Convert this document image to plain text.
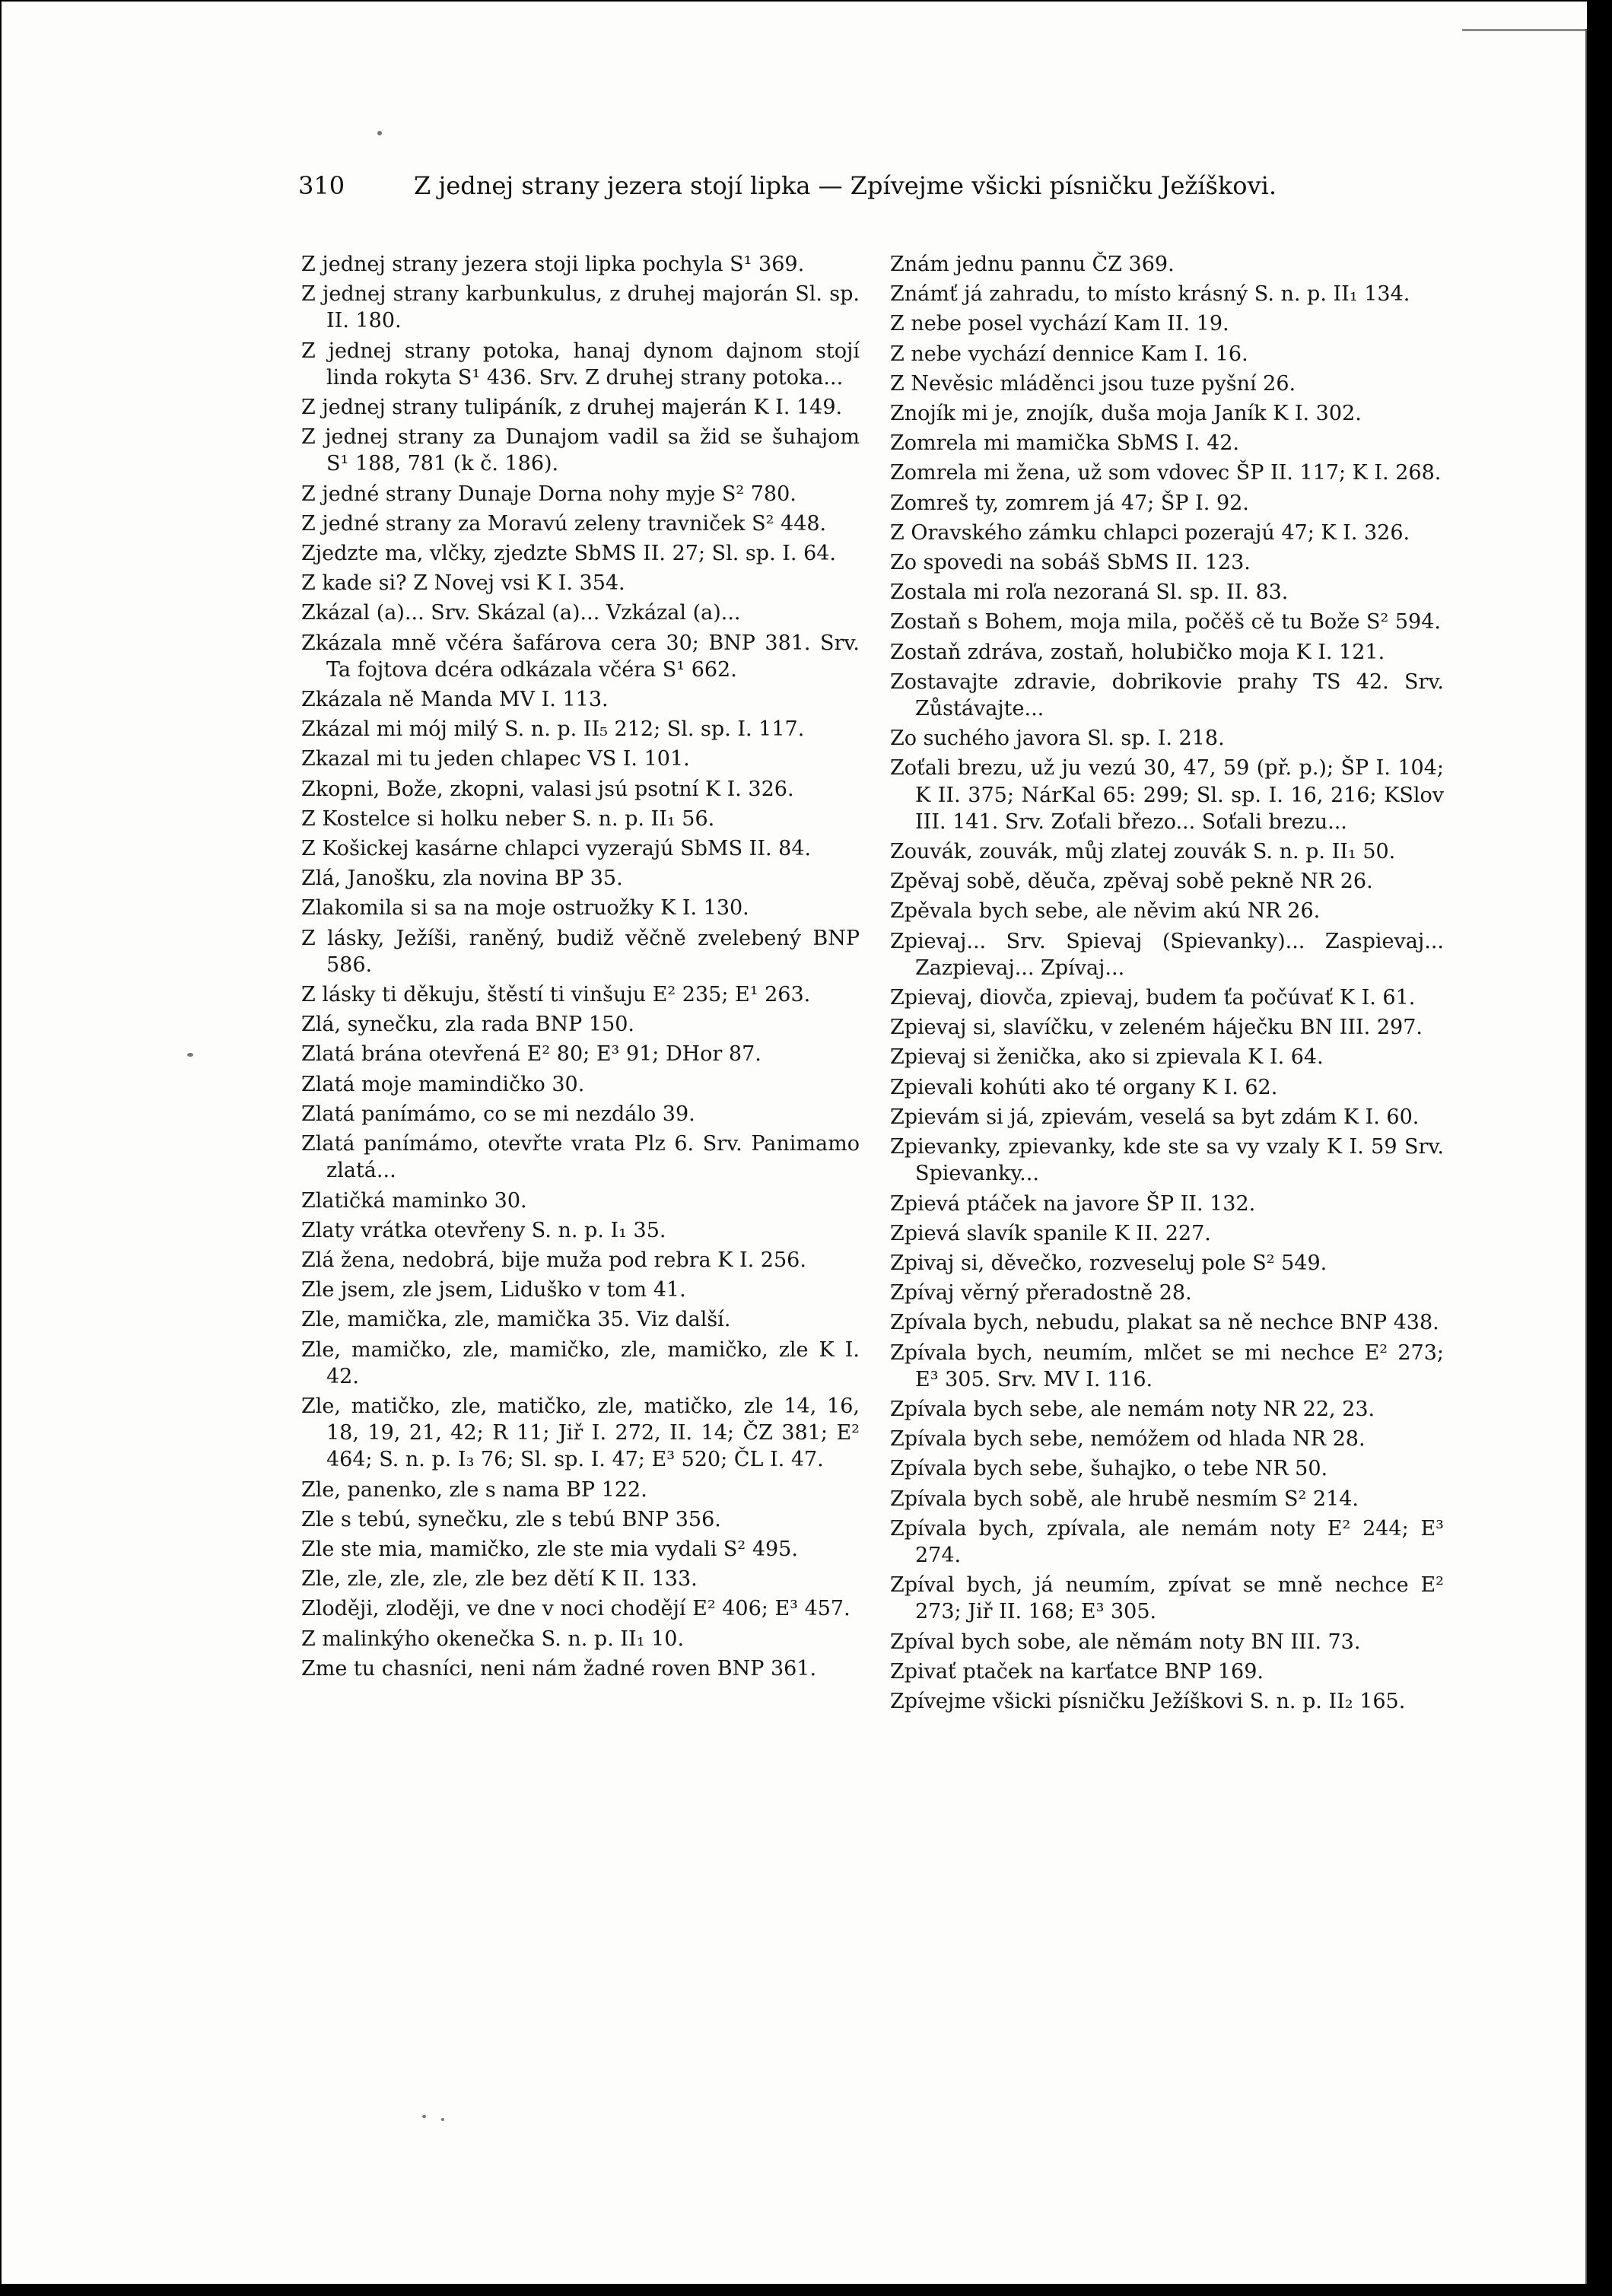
310	Z jednej strany jezera stojí lipka — Zpívejme všicki písničku Ježíškovi.
Z jednej strany jezera stoji lipka pochyla S¹ 369.
Z jednej strany karbunkulus, z druhej majorán Sl. sp. II. 180.
Z jednej strany potoka, hanaj dynom dajnom stojí linda rokyta S¹ 436. Srv. Z druhej strany potoka...
Z jednej strany tulipáník, z druhej majerán K I. 149.
Z jednej strany za Dunajom vadil sa žid se šuhajom S¹ 188, 781 (k č. 186).
Z jedné strany Dunaje Dorna nohy myje S² 780.
Z jedné strany za Moravú zeleny travniček S² 448.
Zjedzte ma, vlčky, zjedzte SbMS II. 27; Sl. sp. I. 64.
Z kade si? Z Novej vsi K I. 354.
Zkázal (a)... Srv. Skázal (a)... Vzkázal (a)...
Zkázala mně včéra šafárova cera 30; BNP 381. Srv. Ta fojtova dcéra odkázala včéra S¹ 662.
Zkázala ně Manda MV I. 113.
Zkázal mi mój milý S. n. p. II₅ 212; Sl. sp. I. 117.
Zkazal mi tu jeden chlapec VS I. 101.
Zkopni, Bože, zkopni, valasi jsú psotní K I. 326.
Z Kostelce si holku neber S. n. p. II₁ 56.
Z Košickej kasárne chlapci vyzerajú SbMS II. 84.
Zlá, Janošku, zla novina BP 35.
Zlakomila si sa na moje ostruožky K I. 130.
Z lásky, Ježíši, raněný, budiž věčně zvelebený BNP 586.
Z lásky ti děkuju, štěstí ti vinšuju E² 235; E¹ 263.
Zlá, synečku, zla rada BNP 150.
Zlatá brána otevřená E² 80; E³ 91; DHor 87.
Zlatá moje mamindičko 30.
Zlatá panímámo, co se mi nezdálo 39.
Zlatá panímámo, otevřte vrata Plz 6. Srv. Panimamo zlatá...
Zlatičká maminko 30.
Zlaty vrátka otevřeny S. n. p. I₁ 35.
Zlá žena, nedobrá, bije muža pod rebra K I. 256.
Zle jsem, zle jsem, Liduško v tom 41.
Zle, mamička, zle, mamička 35. Viz další.
Zle, mamičko, zle, mamičko, zle, mamičko, zle K I. 42.
Zle, matičko, zle, matičko, zle, matičko, zle 14, 16, 18, 19, 21, 42; R 11; Jiř I. 272, II. 14; ČZ 381; E² 464; S. n. p. I₃ 76; Sl. sp. I. 47; E³ 520; ČL I. 47.
Zle, panenko, zle s nama BP 122.
Zle s tebú, synečku, zle s tebú BNP 356.
Zle ste mia, mamičko, zle ste mia vydali S² 495.
Zle, zle, zle, zle, zle bez dětí K II. 133.
Zloději, zloději, ve dne v noci chodějí E² 406; E³ 457.
Z malinkýho okenečka S. n. p. II₁ 10.
Zme tu chasníci, neni nám žadné roven BNP 361.
Znám jednu pannu ČZ 369.
Známť já zahradu, to místo krásný S. n. p. II₁ 134.
Z nebe posel vychází Kam II. 19.
Z nebe vychází dennice Kam I. 16.
Z Nevěsic mláděnci jsou tuze pyšní 26.
Znojík mi je, znojík, duša moja Janík K I. 302.
Zomrela mi mamička SbMS I. 42.
Zomrela mi žena, už som vdovec ŠP II. 117; K I. 268.
Zomreš ty, zomrem já 47; ŠP I. 92.
Z Oravského zámku chlapci pozerajú 47; K I. 326.
Zo spovedi na sobáš SbMS II. 123.
Zostala mi roľa nezoraná Sl. sp. II. 83.
Zostaň s Bohem, moja mila, počěš cě tu Bože S² 594.
Zostaň zdráva, zostaň, holubičko moja K I. 121.
Zostavajte zdravie, dobrikovie prahy TS 42. Srv. Zůstávajte...
Zo suchého javora Sl. sp. I. 218.
Zoťali brezu, už ju vezú 30, 47, 59 (př. p.); ŠP I. 104; K II. 375; NárKal 65: 299; Sl. sp. I. 16, 216; KSlov III. 141. Srv. Zoťali březo... Soťali brezu...
Zouvák, zouvák, můj zlatej zouvák S. n. p. II₁ 50.
Zpěvaj sobě, děuča, zpěvaj sobě pekně NR 26.
Zpěvala bych sebe, ale něvim akú NR 26.
Zpievaj... Srv. Spievaj (Spievanky)... Zaspievaj... Zazpievaj... Zpívaj...
Zpievaj, diovča, zpievaj, budem ťa počúvať K I. 61.
Zpievaj si, slavíčku, v zeleném háječku BN III. 297.
Zpievaj si ženička, ako si zpievala K I. 64.
Zpievali kohúti ako té organy K I. 62.
Zpievám si já, zpievám, veselá sa byt zdám K I. 60.
Zpievanky, zpievanky, kde ste sa vy vzaly K I. 59 Srv. Spievanky...
Zpievá ptáček na javore ŠP II. 132.
Zpievá slavík spanile K II. 227.
Zpivaj si, děvečko, rozveseluj pole S² 549.
Zpívaj věrný přeradostně 28.
Zpívala bych, nebudu, plakat sa ně nechce BNP 438.
Zpívala bych, neumím, mlčet se mi nechce E² 273; E³ 305. Srv. MV I. 116.
Zpívala bych sebe, ale nemám noty NR 22, 23.
Zpívala bych sebe, nemóžem od hlada NR 28.
Zpívala bych sebe, šuhajko, o tebe NR 50.
Zpívala bych sobě, ale hrubě nesmím S² 214.
Zpívala bych, zpívala, ale nemám noty E² 244; E³ 274.
Zpíval bych, já neumím, zpívat se mně nechce E² 273; Jiř II. 168; E³ 305.
Zpíval bych sobe, ale němám noty BN III. 73.
Zpivať ptaček na karťatce BNP 169.
Zpívejme všicki písničku Ježíškovi S. n. p. II₂ 165.
